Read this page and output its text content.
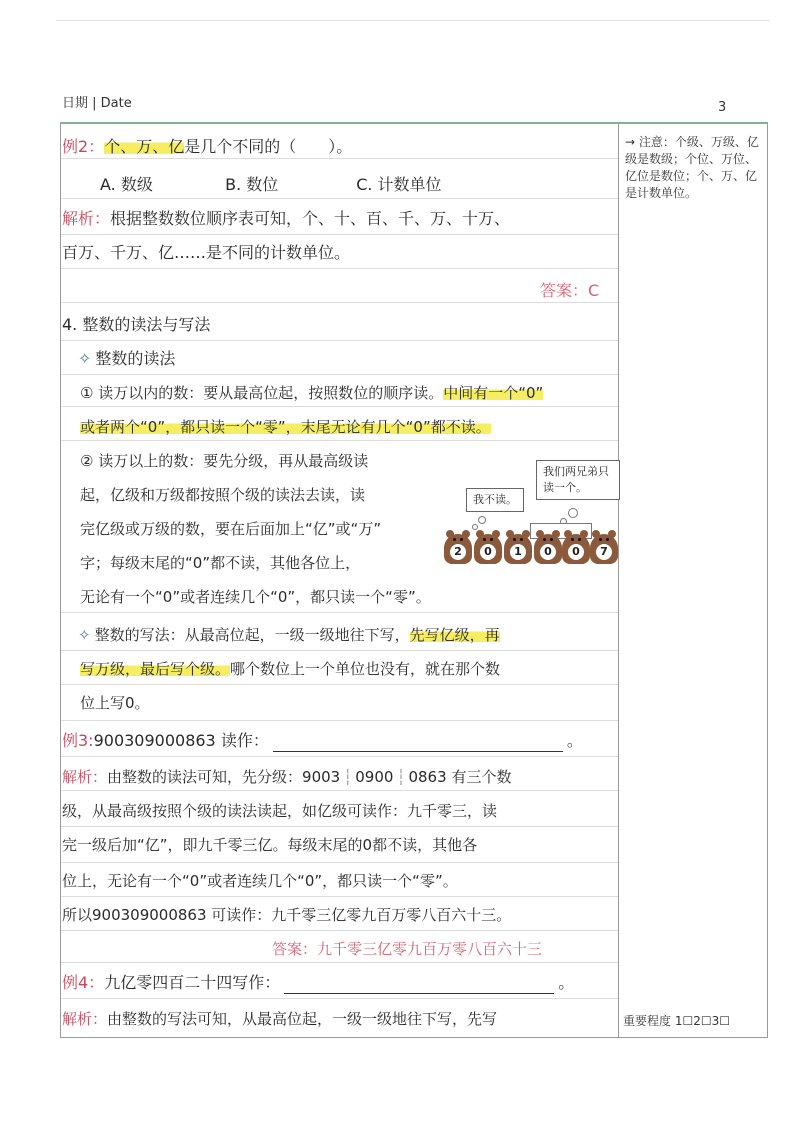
日期 | Date	3
→ 注意：个级、万级、亿级是数级；个位、万位、亿位是数位；个、万、亿是计数单位。
重要程度 1☐2☐3☐
例2：个、万、亿是几个不同的（　　）。
A. 数级	B. 数位	C. 计数单位
解析：根据整数数位顺序表可知，个、十、百、千、万、十万、
百万、千万、亿……是不同的计数单位。
答案：C
4. 整数的读法与写法
✧ 整数的读法
① 读万以内的数：要从最高位起，按照数位的顺序读。中间有一个“0”
或者两个“0”，都只读一个“零”，末尾无论有几个“0”都不读。
② 读万以上的数：要先分级，再从最高级读
起，亿级和万级都按照个级的读法去读，读
完亿级或万级的数，要在后面加上“亿”或“万”
字；每级末尾的“0”都不读，其他各位上，
无论有一个“0”或者连续几个“0”，都只读一个“零”。
我不读。
我们两兄弟只读一个。
2	0	1	0	0	7
✧ 整数的写法：从最高位起，一级一级地往下写，先写亿级，再
写万级，最后写个级。哪个数位上一个单位也没有，就在那个数
位上写0。
例3:900309000863 读作：	。
解析：由整数的读法可知，先分级：9003 ┆ 0900 ┆ 0863 有三个数
级，从最高级按照个级的读法读起，如亿级可读作：九千零三，读
完一级后加“亿”，即九千零三亿。每级末尾的0都不读，其他各
位上，无论有一个“0”或者连续几个“0”，都只读一个“零”。
所以900309000863 可读作：九千零三亿零九百万零八百六十三。
答案：九千零三亿零九百万零八百六十三
例4：九亿零四百二十四写作：	。
解析：由整数的写法可知，从最高位起，一级一级地往下写，先写
